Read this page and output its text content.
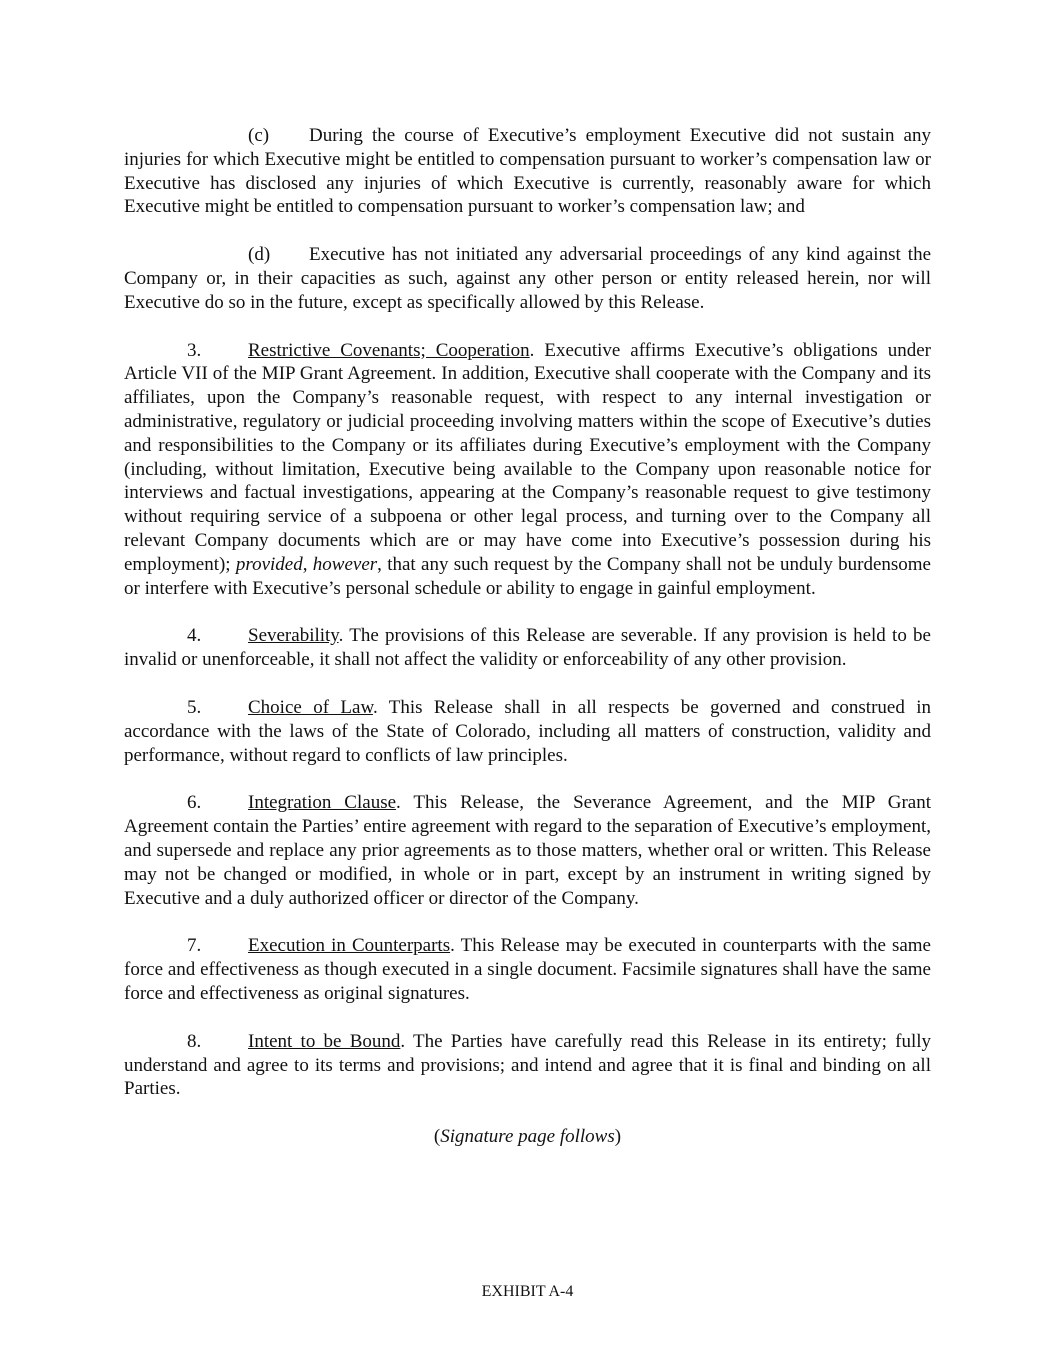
(c) During the course of Executive’s employment Executive did not sustain any injuries for which Executive might be entitled to compensation pursuant to worker’s compensation law or Executive has disclosed any injuries of which Executive is currently, reasonably aware for which Executive might be entitled to compensation pursuant to worker’s compensation law; and

(d) Executive has not initiated any adversarial proceedings of any kind against the Company or, in their capacities as such, against any other person or entity released herein, nor will Executive do so in the future, except as specifically allowed by this Release.

3. Restrictive Covenants; Cooperation. Executive affirms Executive’s obligations under Article VII of the MIP Grant Agreement. In addition, Executive shall cooperate with the Company and its affiliates, upon the Company’s reasonable request, with respect to any internal investigation or administrative, regulatory or judicial proceeding involving matters within the scope of Executive’s duties and responsibilities to the Company or its affiliates during Executive’s employment with the Company (including, without limitation, Executive being available to the Company upon reasonable notice for interviews and factual investigations, appearing at the Company’s reasonable request to give testimony without requiring service of a subpoena or other legal process, and turning over to the Company all relevant Company documents which are or may have come into Executive’s possession during his employment); provided, however, that any such request by the Company shall not be unduly burdensome or interfere with Executive’s personal schedule or ability to engage in gainful employment.

4. Severability. The provisions of this Release are severable. If any provision is held to be invalid or unenforceable, it shall not affect the validity or enforceability of any other provision.

5. Choice of Law. This Release shall in all respects be governed and construed in accordance with the laws of the State of Colorado, including all matters of construction, validity and performance, without regard to conflicts of law principles.

6. Integration Clause. This Release, the Severance Agreement, and the MIP Grant Agreement contain the Parties’ entire agreement with regard to the separation of Executive’s employment, and supersede and replace any prior agreements as to those matters, whether oral or written. This Release may not be changed or modified, in whole or in part, except by an instrument in writing signed by Executive and a duly authorized officer or director of the Company.

7. Execution in Counterparts. This Release may be executed in counterparts with the same force and effectiveness as though executed in a single document. Facsimile signatures shall have the same force and effectiveness as original signatures.

8. Intent to be Bound. The Parties have carefully read this Release in its entirety; fully understand and agree to its terms and provisions; and intend and agree that it is final and binding on all Parties.

(Signature page follows)

EXHIBIT A-4
